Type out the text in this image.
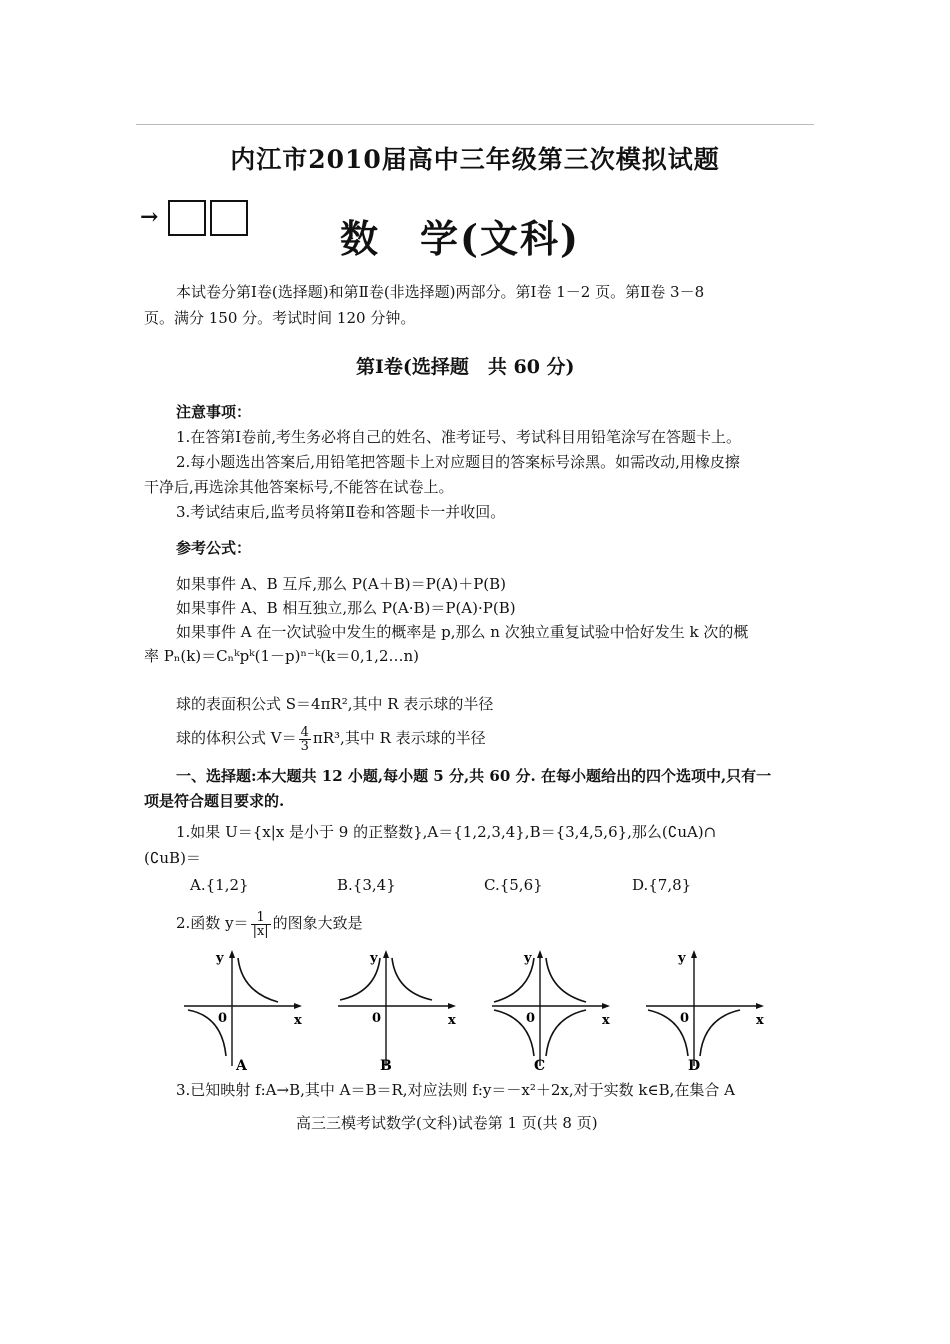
内江市2010届高中三年级第三次模拟试题
→	数　学(文科)
本试卷分第Ⅰ卷(选择题)和第Ⅱ卷(非选择题)两部分。第Ⅰ卷 1－2 页。第Ⅱ卷 3－8
页。满分 150 分。考试时间 120 分钟。
第Ⅰ卷(选择题　共 60 分)
注意事项：
1.在答第Ⅰ卷前,考生务必将自己的姓名、准考证号、考试科目用铅笔涂写在答题卡上。
2.每小题选出答案后,用铅笔把答题卡上对应题目的答案标号涂黑。如需改动,用橡皮擦
干净后,再选涂其他答案标号,不能答在试卷上。
3.考试结束后,监考员将第Ⅱ卷和答题卡一并收回。
参考公式：
如果事件 A、B 互斥,那么 P(A＋B)＝P(A)＋P(B)
如果事件 A、B 相互独立,那么 P(A·B)＝P(A)·P(B)
如果事件 A 在一次试验中发生的概率是 p,那么 n 次独立重复试验中恰好发生 k 次的概
率 Pₙ(k)＝Cₙᵏpᵏ(1－p)ⁿ⁻ᵏ(k＝0,1,2…n)
球的表面积公式 S＝4πR²,其中 R 表示球的半径
球的体积公式 $V= \frac{4}{3} \pi R^3$,其中 R 表示球的半径
一、选择题:本大题共 12 小题,每小题 5 分,共 60 分. 在每小题给出的四个选项中,只有一
项是符合题目要求的.
1.如果 U＝{x|x 是小于 9 的正整数},A＝{1,2,3,4},B＝{3,4,5,6},那么(∁uA)∩
(∁uB)＝
A.{1,2}	B.{3,4}	C.{5,6}	D.{7,8}
2.函数 $y= \frac{1}{|x|}$ 的图象大致是
y
x
0
A
y
x
0
B
y
x
0
C
y
x
0
D
3.已知映射 f:A→B,其中 A＝B＝R,对应法则 f:y＝－x²＋2x,对于实数 k∈B,在集合 A
高三三模考试数学(文科)试卷第 1 页(共 8 页)
